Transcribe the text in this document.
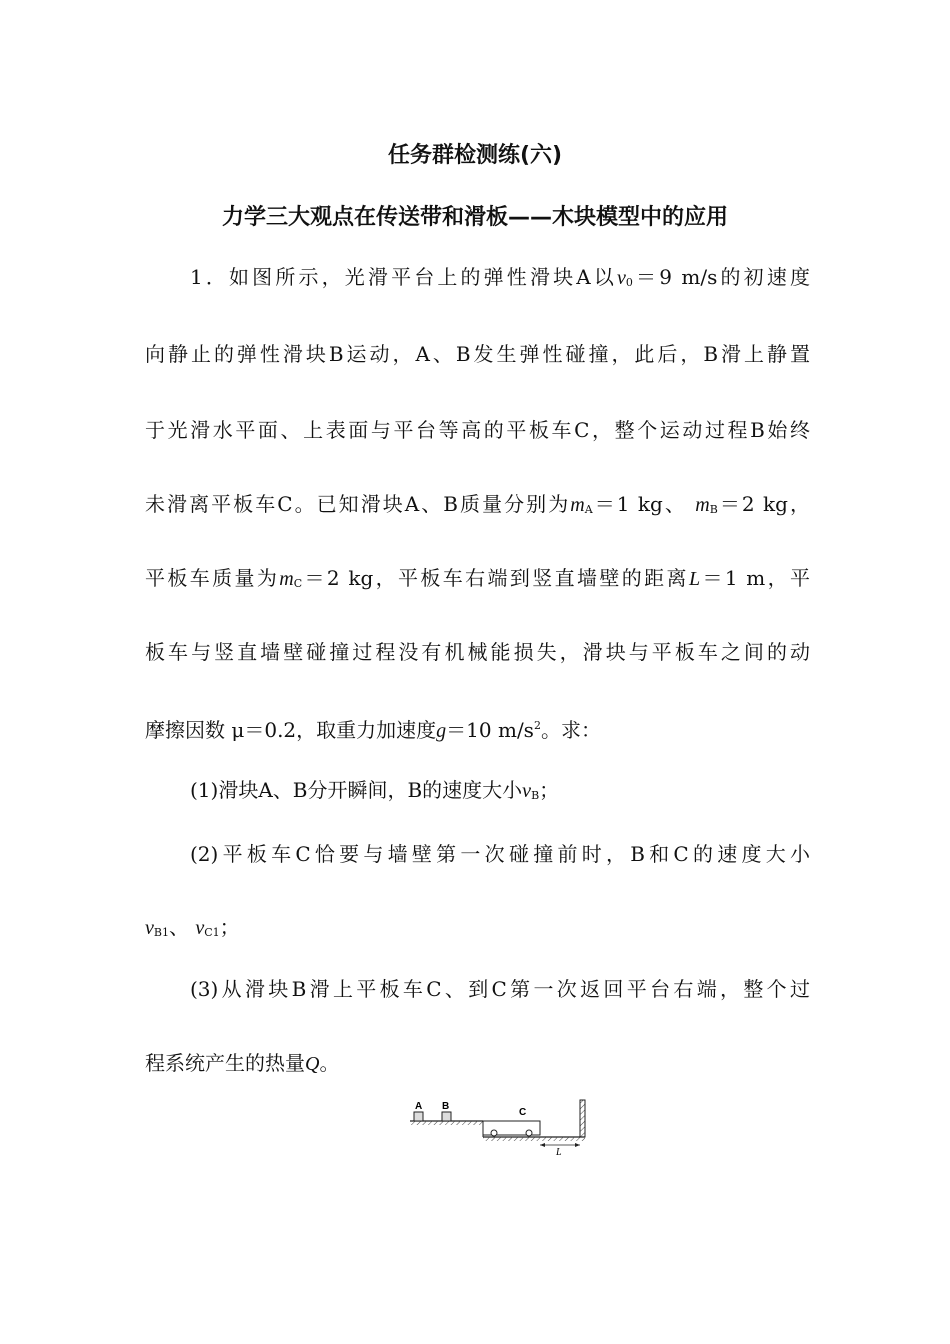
任务群检测练(六)
力学三大观点在传送带和滑板——木块模型中的应用
1．如图所示，光滑平台上的弹性滑块A以$v_0=9$ m/s的初速度
向静止的弹性滑块B运动，A、B发生弹性碰撞，此后，B滑上静置
于光滑水平面、上表面与平台等高的平板车C，整个运动过程B始终
未滑离平板车C。已知滑块A、B质量分别为$m_A=1$ kg、 $m_B=2$ kg，
平板车质量为$m_C=2$ kg，平板车右端到竖直墙壁的距离L＝1 m，平
板车与竖直墙壁碰撞过程没有机械能损失，滑块与平板车之间的动
摩擦因数 μ＝0.2，取重力加速度g＝10 $m/s^2$。求：
(1)滑块A、B分开瞬间，B的速度大小$v_B$；
(2)平板车C恰要与墙壁第一次碰撞前时，B和C的速度大小
$v_{B1}$、 $v_{C1}$；
(3)从滑块B滑上平板车C、到C第一次返回平台右端，整个过
程系统产生的热量Q。
A B
C
L
